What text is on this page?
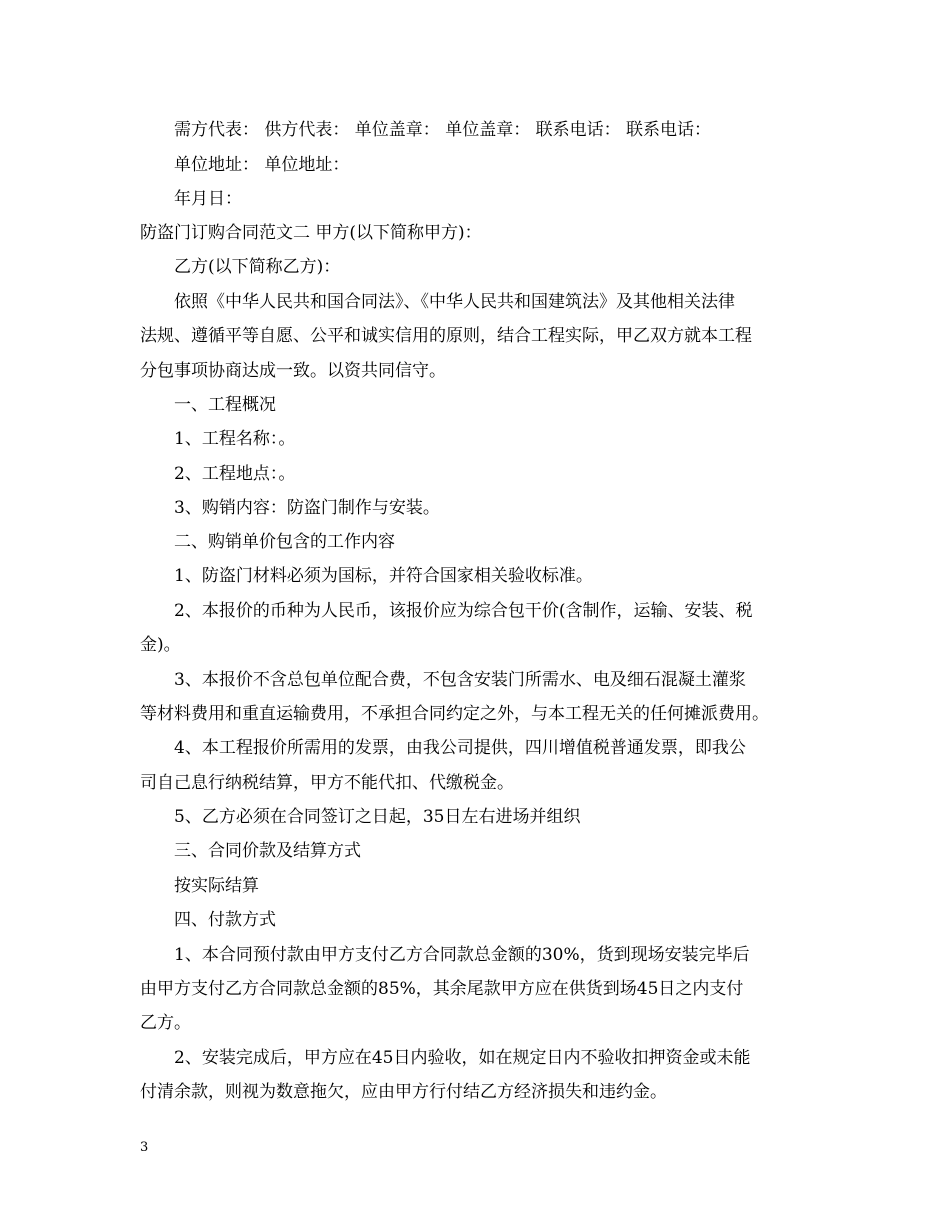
需方代表： 供方代表： 单位盖章： 单位盖章： 联系电话： 联系电话：
单位地址： 单位地址：
年月日：
防盗门订购合同范文二 甲方(以下简称甲方)：
乙方(以下简称乙方)：
依照《中华人民共和国合同法》、《中华人民共和国建筑法》及其他相关法律
法规、遵循平等自愿、公平和诚实信用的原则，结合工程实际，甲乙双方就本工程
分包事项协商达成一致。以资共同信守。
一、工程概况
1、工程名称：。
2、工程地点：。
3、购销内容：防盗门制作与安装。
二、购销单价包含的工作内容
1、防盗门材料必须为国标，并符合国家相关验收标准。
2、本报价的币种为人民币，该报价应为综合包干价(含制作，运输、安装、税
金)。
3、本报价不含总包单位配合费，不包含安装门所需水、电及细石混凝土灌浆
等材料费用和重直运输费用，不承担合同约定之外，与本工程无关的任何摊派费用。
4、本工程报价所需用的发票，由我公司提供，四川增值税普通发票，即我公
司自己息行纳税结算，甲方不能代扣、代缴税金。
5、乙方必须在合同签订之日起，35日左右进场并组织
三、合同价款及结算方式
按实际结算
四、付款方式
1、本合同预付款由甲方支付乙方合同款总金额的30%，货到现场安装完毕后
由甲方支付乙方合同款总金额的85%，其余尾款甲方应在供货到场45日之内支付
乙方。
2、安装完成后，甲方应在45日内验收，如在规定日内不验收扣押资金或未能
付清余款，则视为数意拖欠，应由甲方行付结乙方经济损失和违约金。
3
